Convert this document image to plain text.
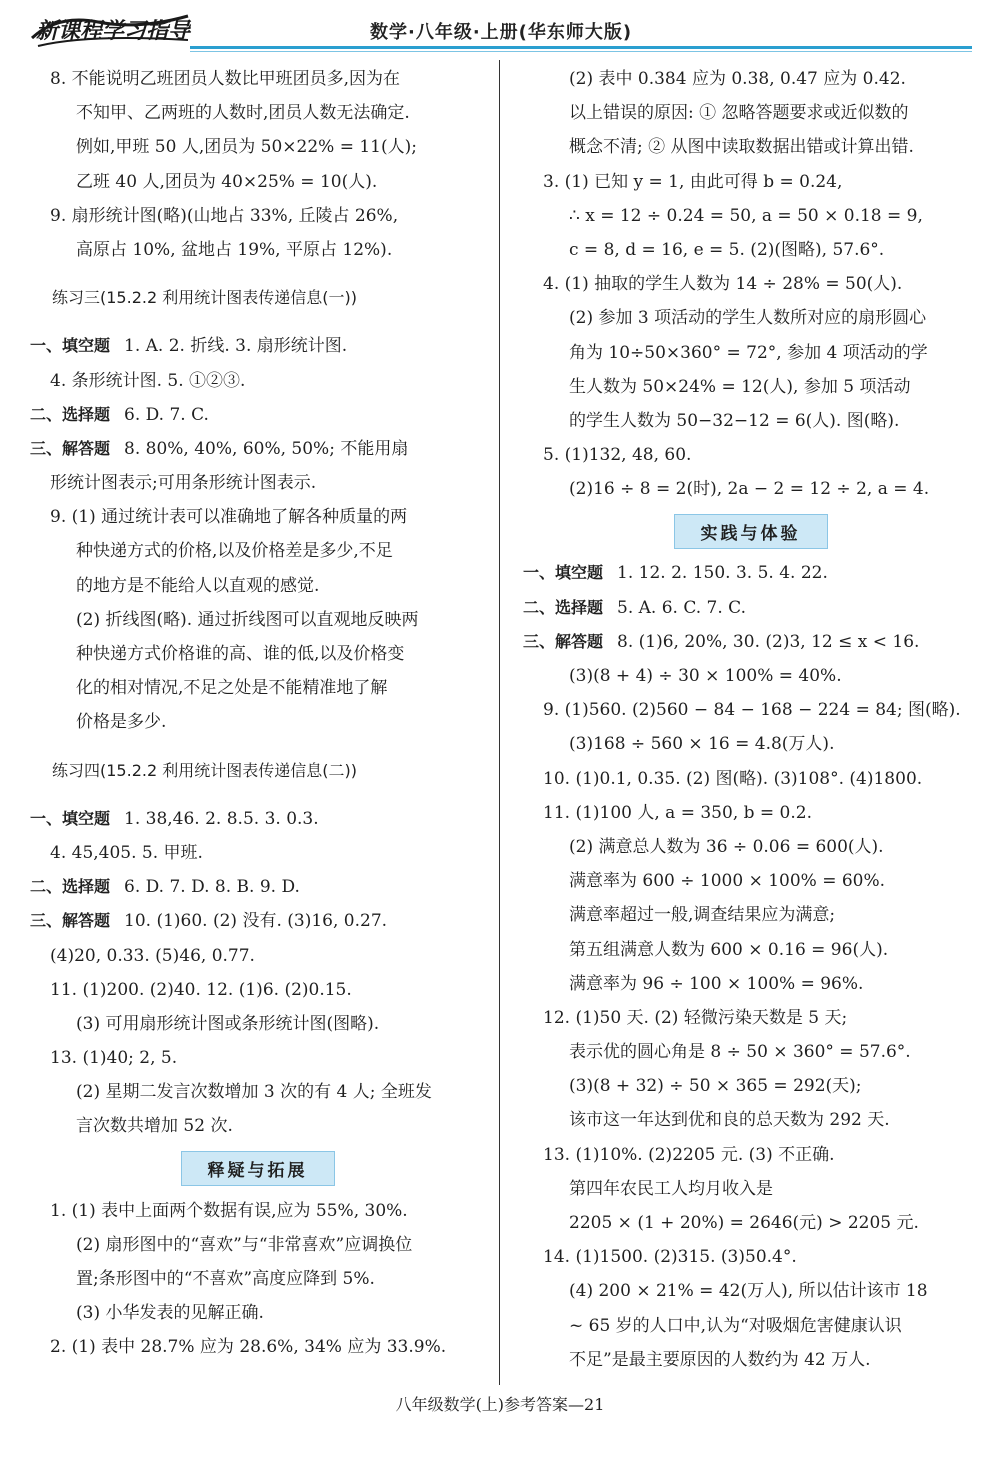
新课程学习指导	数学·八年级·上册(华东师大版)
8. 不能说明乙班团员人数比甲班团员多,因为在
不知甲、乙两班的人数时,团员人数无法确定.
例如,甲班 50 人,团员为 50×22% = 11(人);
乙班 40 人,团员为 40×25% = 10(人).
9. 扇形统计图(略)(山地占 33%, 丘陵占 26%,
高原占 10%, 盆地占 19%, 平原占 12%).
练习三(15.2.2 利用统计图表传递信息(一))
一、填空题 1. A. 2. 折线. 3. 扇形统计图.
4. 条形统计图. 5. ①②③.
二、选择题 6. D. 7. C.
三、解答题 8. 80%, 40%, 60%, 50%; 不能用扇
形统计图表示;可用条形统计图表示.
9. (1) 通过统计表可以准确地了解各种质量的两
种快递方式的价格,以及价格差是多少,不足
的地方是不能给人以直观的感觉.
(2) 折线图(略). 通过折线图可以直观地反映两
种快递方式价格谁的高、谁的低,以及价格变
化的相对情况,不足之处是不能精准地了解
价格是多少.
练习四(15.2.2 利用统计图表传递信息(二))
一、填空题 1. 38,46. 2. 8.5. 3. 0.3.
4. 45,405. 5. 甲班.
二、选择题 6. D. 7. D. 8. B. 9. D.
三、解答题 10. (1)60. (2) 没有. (3)16, 0.27.
(4)20, 0.33. (5)46, 0.77.
11. (1)200. (2)40. 12. (1)6. (2)0.15.
(3) 可用扇形统计图或条形统计图(图略).
13. (1)40; 2, 5.
(2) 星期二发言次数增加 3 次的有 4 人; 全班发
言次数共增加 52 次.
释疑与拓展
1. (1) 表中上面两个数据有误,应为 55%, 30%.
(2) 扇形图中的“喜欢”与“非常喜欢”应调换位
置;条形图中的“不喜欢”高度应降到 5%.
(3) 小华发表的见解正确.
2. (1) 表中 28.7% 应为 28.6%, 34% 应为 33.9%.
(2) 表中 0.384 应为 0.38, 0.47 应为 0.42.
以上错误的原因: ① 忽略答题要求或近似数的
概念不清; ② 从图中读取数据出错或计算出错.
3. (1) 已知 y = 1, 由此可得 b = 0.24,
∴ x = 12 ÷ 0.24 = 50, a = 50 × 0.18 = 9,
c = 8, d = 16, e = 5. (2)(图略), 57.6°.
4. (1) 抽取的学生人数为 14 ÷ 28% = 50(人).
(2) 参加 3 项活动的学生人数所对应的扇形圆心
角为 10÷50×360° = 72°, 参加 4 项活动的学
生人数为 50×24% = 12(人), 参加 5 项活动
的学生人数为 50−32−12 = 6(人). 图(略).
5. (1)132, 48, 60.
(2)16 ÷ 8 = 2(时), 2a − 2 = 12 ÷ 2, a = 4.
实践与体验
一、填空题 1. 12. 2. 150. 3. 5. 4. 22.
二、选择题 5. A. 6. C. 7. C.
三、解答题 8. (1)6, 20%, 30. (2)3, 12 ≤ x < 16.
(3)(8 + 4) ÷ 30 × 100% = 40%.
9. (1)560. (2)560 − 84 − 168 − 224 = 84; 图(略).
(3)168 ÷ 560 × 16 = 4.8(万人).
10. (1)0.1, 0.35. (2) 图(略). (3)108°. (4)1800.
11. (1)100 人, a = 350, b = 0.2.
(2) 满意总人数为 36 ÷ 0.06 = 600(人).
满意率为 600 ÷ 1000 × 100% = 60%.
满意率超过一般,调查结果应为满意;
第五组满意人数为 600 × 0.16 = 96(人).
满意率为 96 ÷ 100 × 100% = 96%.
12. (1)50 天. (2) 轻微污染天数是 5 天;
表示优的圆心角是 8 ÷ 50 × 360° = 57.6°.
(3)(8 + 32) ÷ 50 × 365 = 292(天);
该市这一年达到优和良的总天数为 292 天.
13. (1)10%. (2)2205 元. (3) 不正确.
第四年农民工人均月收入是
2205 × (1 + 20%) = 2646(元) > 2205 元.
14. (1)1500. (2)315. (3)50.4°.
(4) 200 × 21% = 42(万人), 所以估计该市 18
~ 65 岁的人口中,认为“对吸烟危害健康认识
不足”是最主要原因的人数约为 42 万人.
八年级数学(上)参考答案—21
